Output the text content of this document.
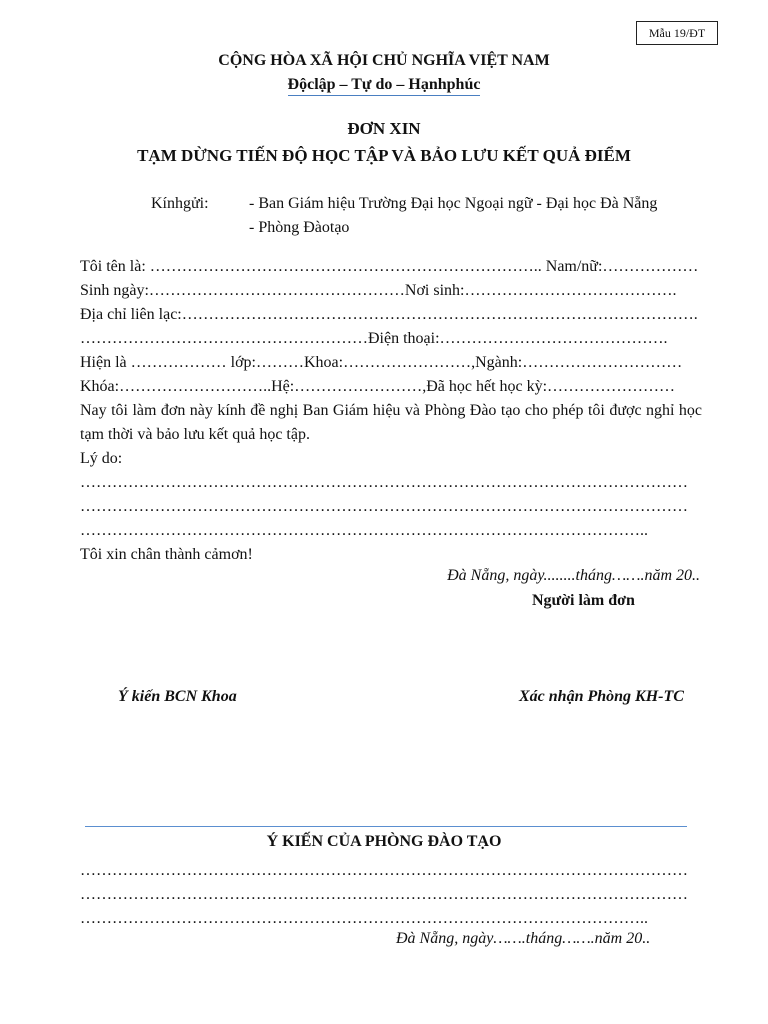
Mẫu 19/ĐT
CỘNG HÒA XÃ HỘI CHỦ NGHĨA VIỆT NAM
Độclập – Tự do – Hạnhphúc
ĐƠN XIN
TẠM DỪNG TIẾN ĐỘ HỌC TẬP VÀ BẢO LƯU KẾT QUẢ ĐIỂM
Kínhgửi:	- Ban Giám hiệu Trường Đại học Ngoại ngữ - Đại học Đà Nẵng
- Phòng Đàotạo
Tôi tên là: ……………………………………………………………….. Nam/nữ:………………
Sinh ngày:…………………………………………Nơi sinh:………………………………….
Địa chỉ liên lạc:…………………………………………………………………………………….
………………………………………………Điện thoại:…………………………………….
Hiện là ……………… lớp:………Khoa:……………………,Ngành:…………………………
Khóa:………………………..Hệ:……………………,Đã học hết học kỳ:……………………
Nay tôi làm đơn này kính đề nghị Ban Giám hiệu và Phòng Đào tạo cho phép tôi được nghỉ học tạm thời và bảo lưu kết quả học tập.
Lý do:
……………………………………………………………………………………………………
……………………………………………………………………………………………………
……………………………………………………………………………………………..
Tôi xin chân thành cảmơn!
Đà Nẵng, ngày........tháng…….năm 20..
Người làm đơn
Ý kiến BCN Khoa	Xác nhận Phòng KH-TC
Ý KIẾN CỦA PHÒNG ĐÀO TẠO
……………………………………………………………………………………………………
……………………………………………………………………………………………………
……………………………………………………………………………………………..
Đà Nẵng, ngày…….tháng…….năm 20..
